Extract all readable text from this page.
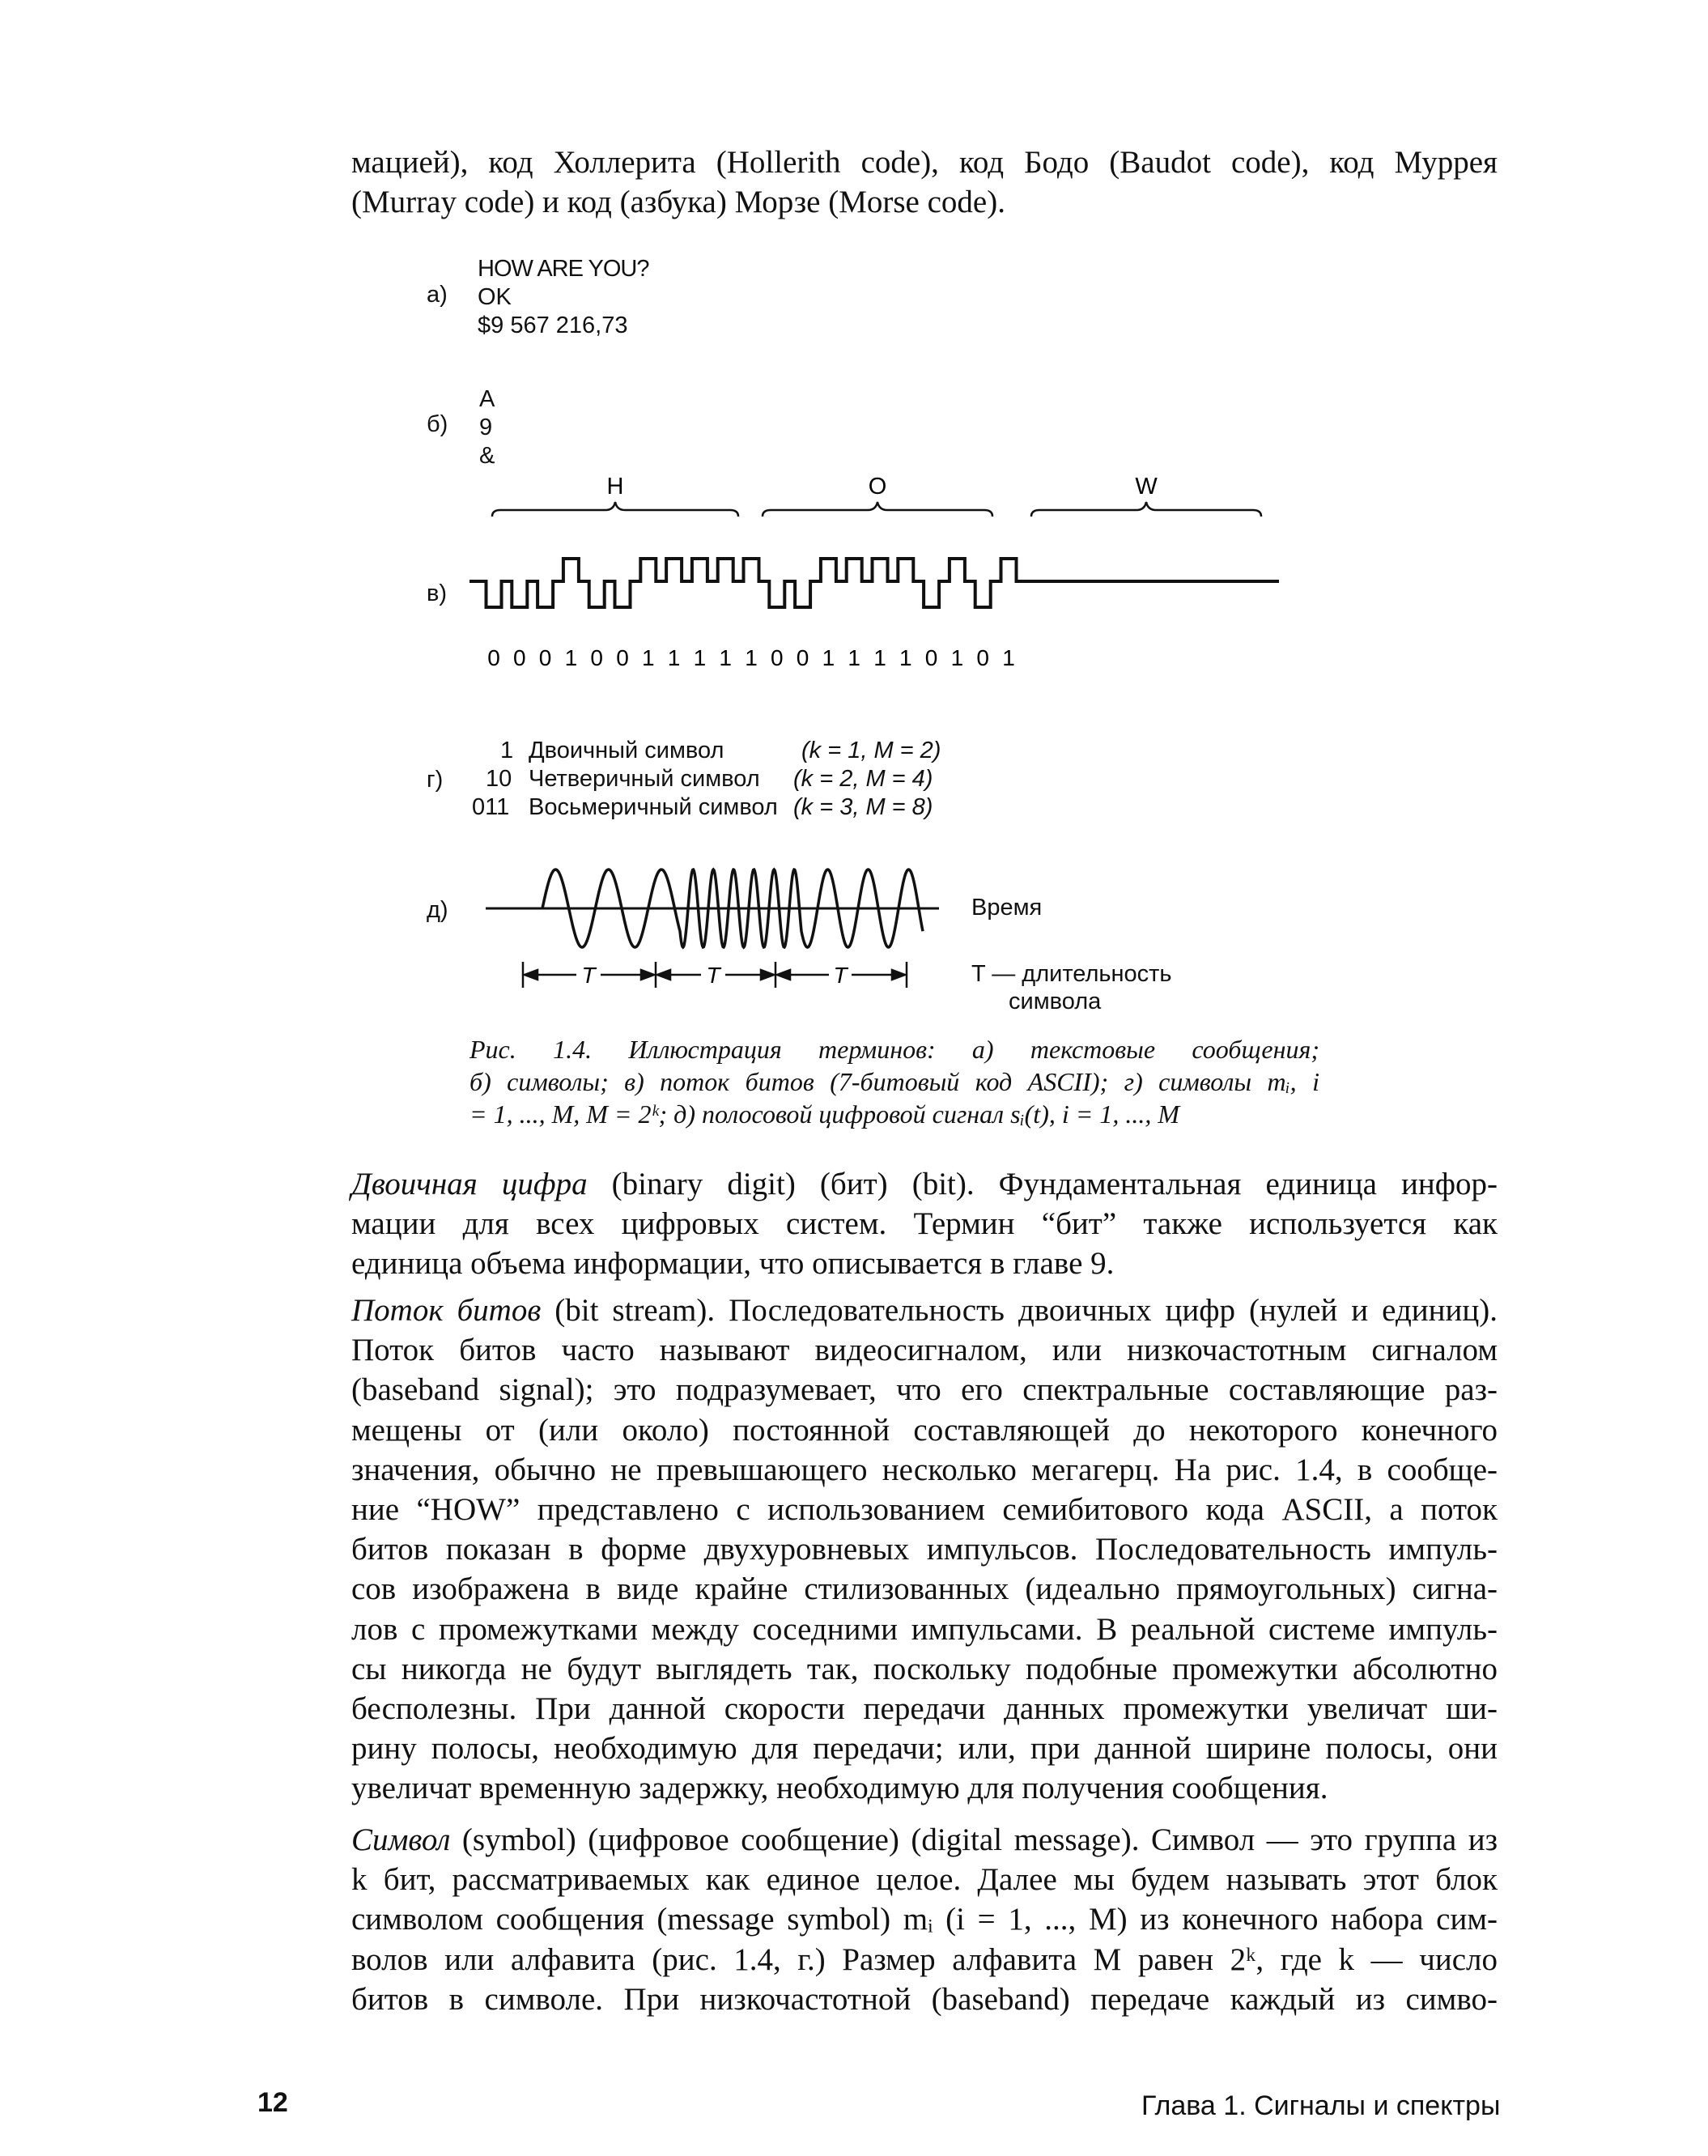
мацией), код Холлерита (Hollerith code), код Бодо (Baudot code), код Муррея
(Murray code) и код (азбука) Морзе (Morse code).
а)
б)
в)
г)
д)
HOW ARE YOU?
OK
$9 567 216,73
A
9
&
H	O	W
0 0 0 1 0 0 1 1 1 1 1 0 0 1 1 1 1 0 1 0 1
1 Двоичный символ	(k = 1, M = 2)
10 Четверичный символ (k = 2, M = 4)
011 Восьмеричный символ (k = 3, M = 8)
T	T	T
Время
T — длительность
символа
Рис. 1.4. Иллюстрация терминов: а) текстовые сообщения;
б) символы; в) поток битов (7-битовый код ASCII); г) символы mᵢ, i
= 1, ..., M, M = 2ᵏ; д) полосовой цифровой сигнал sᵢ(t), i = 1, ..., M
Двоичная цифра (binary digit) (бит) (bit). Фундаментальная единица инфор-
мации для всех цифровых систем. Термин “бит” также используется как
единица объема информации, что описывается в главе 9.
Поток битов (bit stream). Последовательность двоичных цифр (нулей и единиц).
Поток битов часто называют видеосигналом, или низкочастотным сигналом
(baseband signal); это подразумевает, что его спектральные составляющие раз-
мещены от (или около) постоянной составляющей до некоторого конечного
значения, обычно не превышающего несколько мегагерц. На рис. 1.4, в сообще-
ние “HOW” представлено с использованием семибитового кода ASCII, а поток
битов показан в форме двухуровневых импульсов. Последовательность импуль-
сов изображена в виде крайне стилизованных (идеально прямоугольных) сигна-
лов с промежутками между соседними импульсами. В реальной системе импуль-
сы никогда не будут выглядеть так, поскольку подобные промежутки абсолютно
бесполезны. При данной скорости передачи данных промежутки увеличат ши-
рину полосы, необходимую для передачи; или, при данной ширине полосы, они
увеличат временную задержку, необходимую для получения сообщения.
Символ (symbol) (цифровое сообщение) (digital message). Символ — это группа из
k бит, рассматриваемых как единое целое. Далее мы будем называть этот блок
символом сообщения (message symbol) mᵢ (i = 1, ..., M) из конечного набора сим-
волов или алфавита (рис. 1.4, г.) Размер алфавита M равен 2ᵏ, где k — число
битов в символе. При низкочастотной (baseband) передаче каждый из симво-
12	Глава 1. Сигналы и спектры
